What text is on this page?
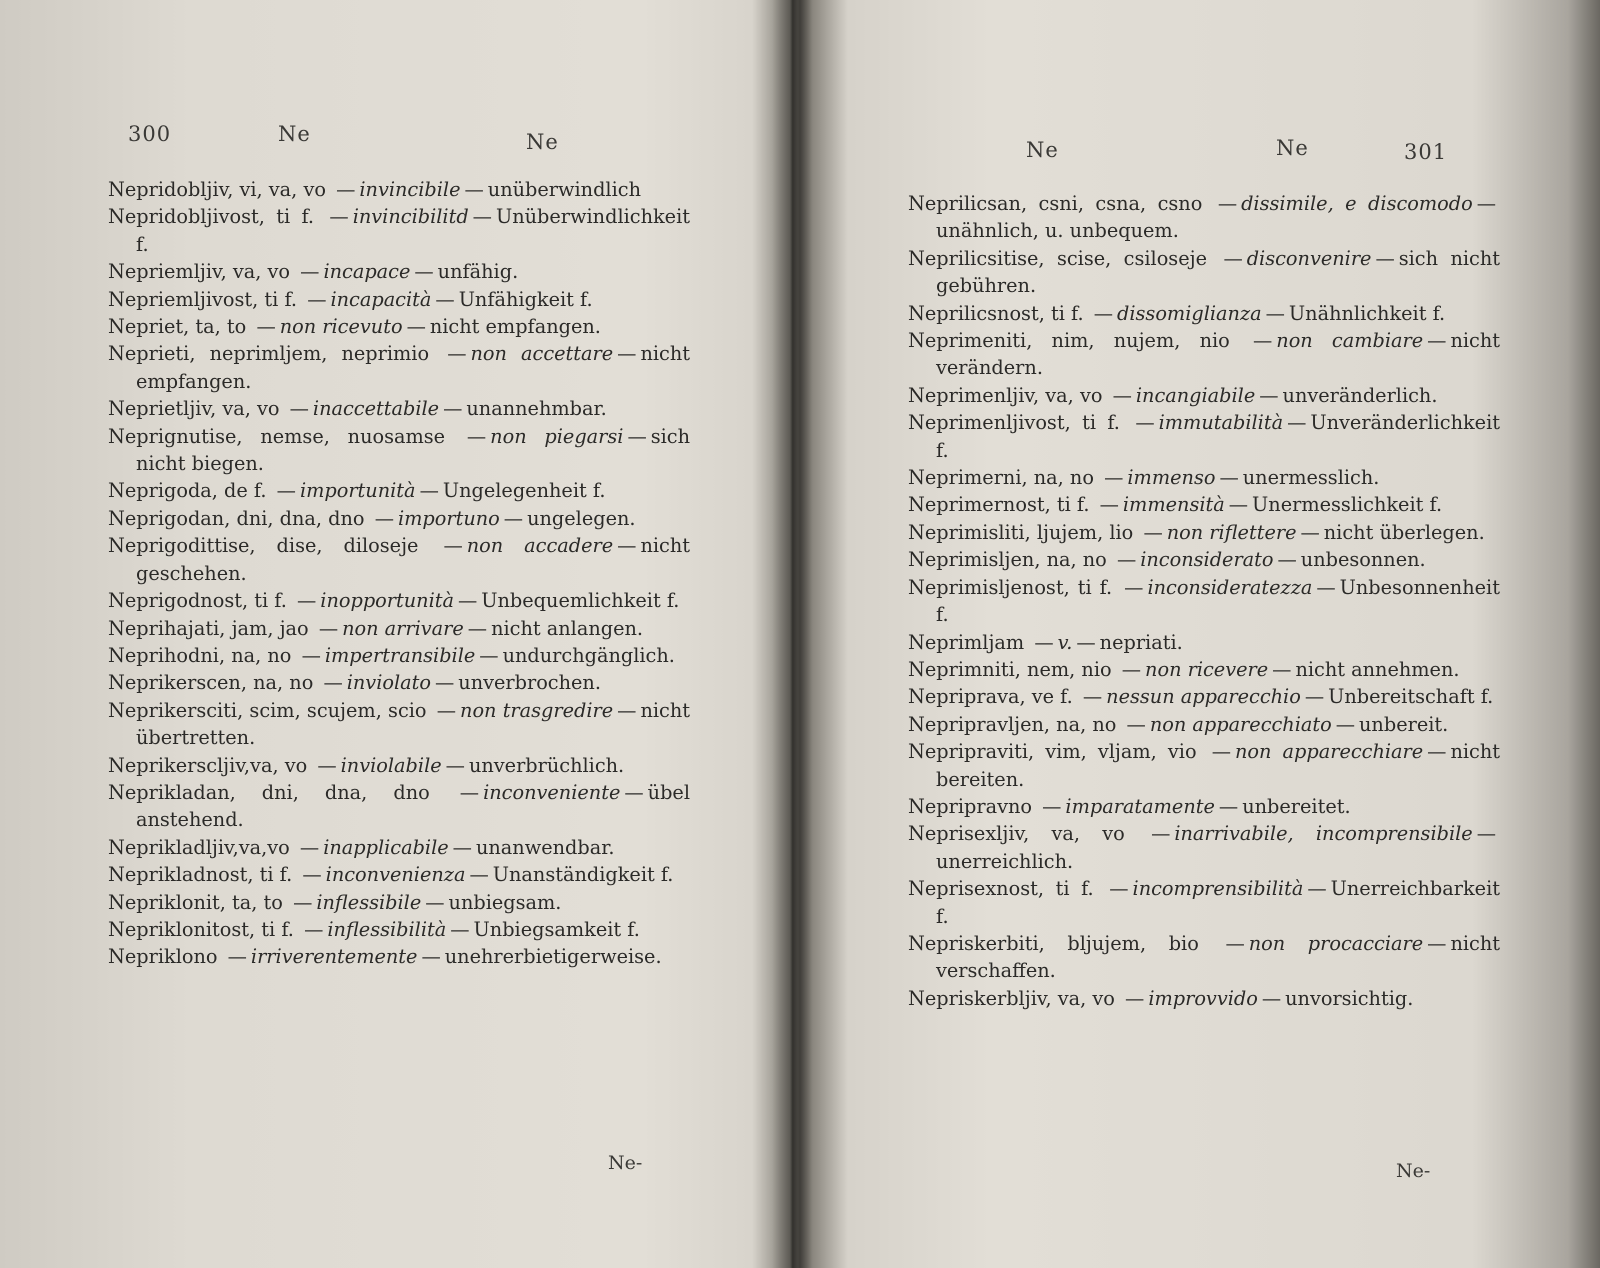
300	Ne	Ne
Nepridobljiv, vi, va, vo — invincibile — unüberwindlich
Nepridobljivost, ti f. — invincibilitd — Unüberwindlichkeit f.
Nepriemljiv, va, vo — incapace — unfähig.
Nepriemljivost, ti f. — incapacità — Unfähigkeit f.
Nepriet, ta, to — non ricevuto — nicht empfangen.
Neprieti, neprimljem, neprimio — non accettare — nicht empfangen.
Neprietljiv, va, vo — inaccettabile — unannehmbar.
Neprignutise, nemse, nuosamse — non piegarsi — sich nicht biegen.
Neprigoda, de f. — importunità — Ungelegenheit f.
Neprigodan, dni, dna, dno — importuno — ungelegen.
Neprigodittise, dise, diloseje — non accadere — nicht geschehen.
Neprigodnost, ti f. — inopportunità — Unbequemlichkeit f.
Neprihajati, jam, jao — non arrivare — nicht anlangen.
Neprihodni, na, no — impertransibile — undurchgänglich.
Neprikerscen, na, no — inviolato — unverbrochen.
Neprikersciti, scim, scujem, scio — non trasgredire — nicht übertretten.
Neprikerscljiv,va, vo — inviolabile — unverbrüchlich.
Neprikladan, dni, dna, dno — inconveniente — übel anstehend.
Neprikladljiv,va,vo — inapplicabile — unanwendbar.
Neprikladnost, ti f. — inconvenienza — Unanständigkeit f.
Nepriklonit, ta, to — inflessibile — unbiegsam.
Nepriklonitost, ti f. — inflessibilità — Unbiegsamkeit f.
Nepriklono — irriverentemente — unehrerbietigerweise.
Ne-
Ne	Ne	301
Neprilicsan, csni, csna, csno — dissimile, e discomodo —unähnlich, u. unbequem.
Neprilicsitise, scise, csiloseje — disconvenire — sich nicht gebühren.
Neprilicsnost, ti f. — dissomiglianza — Unähnlichkeit f.
Neprimeniti, nim, nujem, nio — non cambiare — nicht verändern.
Neprimenljiv, va, vo — incangiabile — unveränderlich.
Neprimenljivost, ti f. — immutabilità — Unveränderlichkeit f.
Neprimerni, na, no — immenso — unermesslich.
Neprimernost, ti f. — immensità — Unermesslichkeit f.
Neprimisliti, ljujem, lio — non riflettere — nicht überlegen.
Neprimisljen, na, no — inconsiderato — unbesonnen.
Neprimisljenost, ti f. — inconsideratezza — Unbesonnenheit f.
Neprimljam — v. — nepriati.
Neprimniti, nem, nio — non ricevere — nicht annehmen.
Nepriprava, ve f. — nessun apparecchio — Unbereitschaft f.
Nepripravljen, na, no — non apparecchiato — unbereit.
Nepripraviti, vim, vljam, vio — non apparecchiare — nicht bereiten.
Nepripravno — imparatamente — unbereitet.
Neprisexljiv, va, vo — inarrivabile, incomprensibile —unerreichlich.
Neprisexnost, ti f. — incomprensibilità — Unerreichbarkeit f.
Nepriskerbiti, bljujem, bio — non procacciare — nicht verschaffen.
Nepriskerbljiv, va, vo — improvvido — unvorsichtig.
Ne-
